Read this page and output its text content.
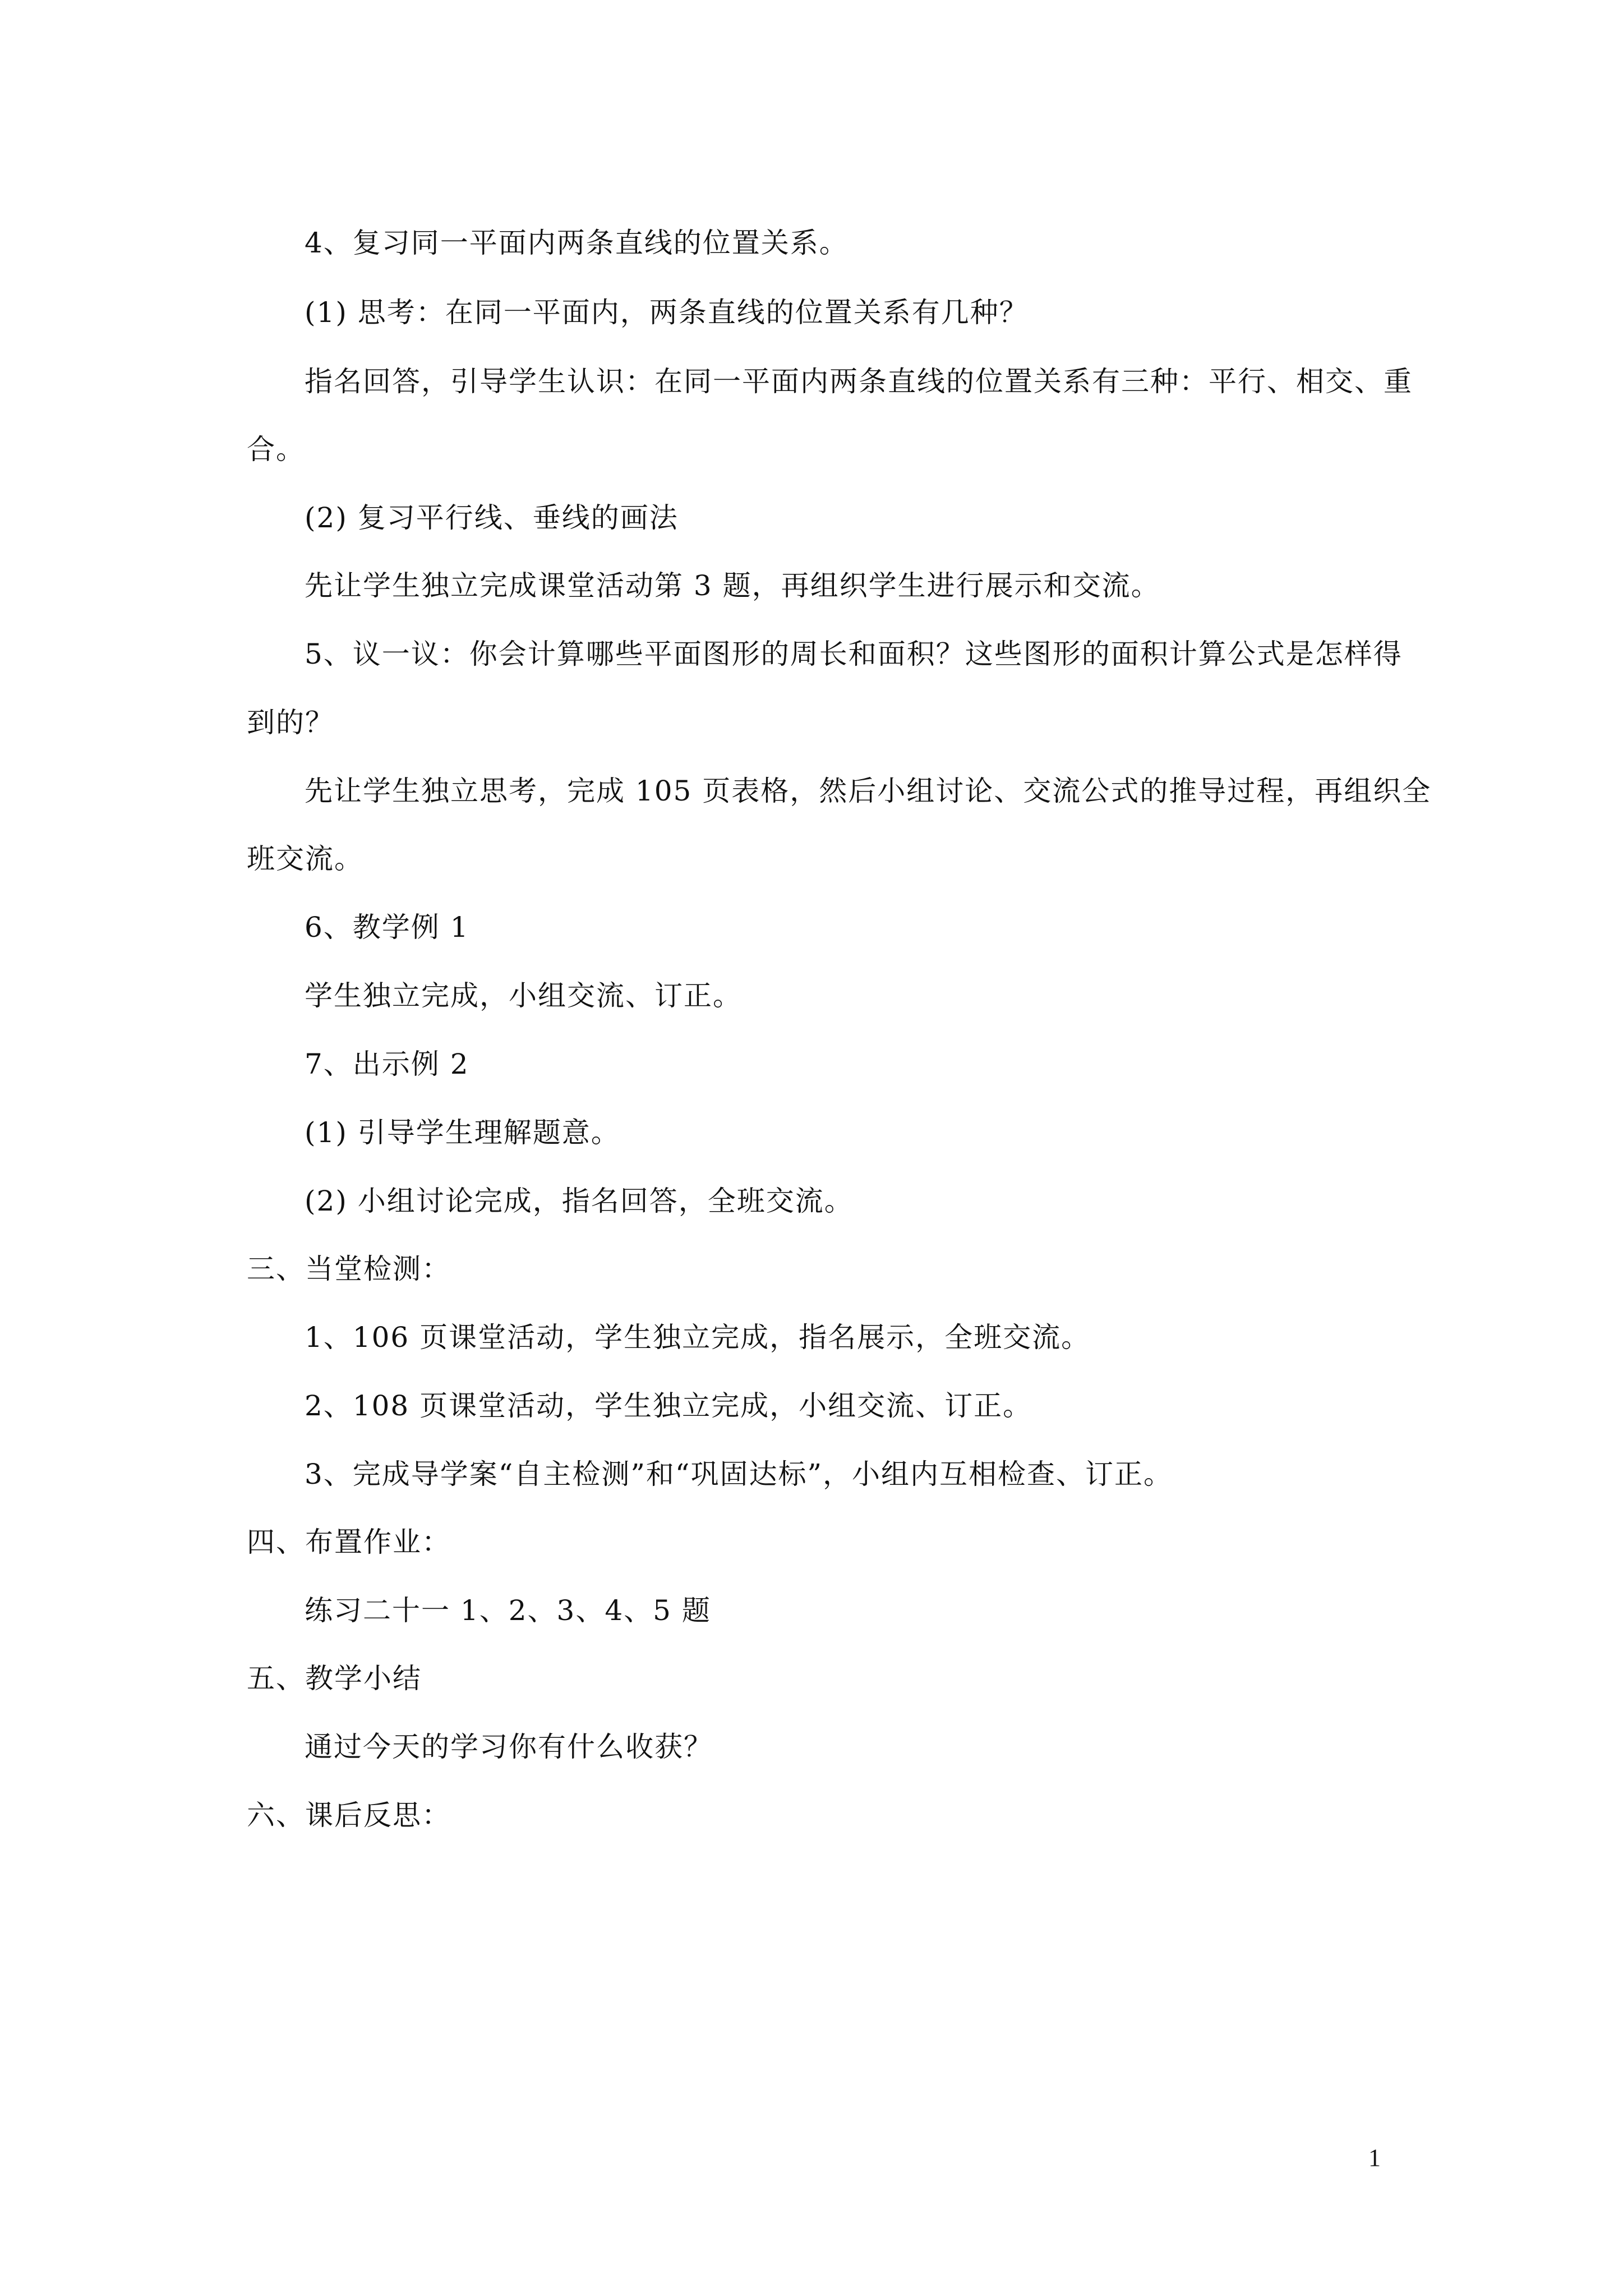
4、复习同一平面内两条直线的位置关系。
(1) 思考：在同一平面内，两条直线的位置关系有几种？
指名回答，引导学生认识：在同一平面内两条直线的位置关系有三种：平行、相交、重
合。
(2) 复习平行线、垂线的画法
先让学生独立完成课堂活动第 3 题，再组织学生进行展示和交流。
5、议一议：你会计算哪些平面图形的周长和面积？这些图形的面积计算公式是怎样得
到的？
先让学生独立思考，完成 105 页表格，然后小组讨论、交流公式的推导过程，再组织全
班交流。
6、教学例 1
学生独立完成，小组交流、订正。
7、出示例 2
(1) 引导学生理解题意。
(2) 小组讨论完成，指名回答，全班交流。
三、当堂检测：
1、106 页课堂活动，学生独立完成，指名展示，全班交流。
2、108 页课堂活动，学生独立完成，小组交流、订正。
3、完成导学案“自主检测”和“巩固达标”，小组内互相检查、订正。
四、布置作业：
练习二十一 1、2、3、4、5 题
五、教学小结
通过今天的学习你有什么收获？
六、课后反思：
1
